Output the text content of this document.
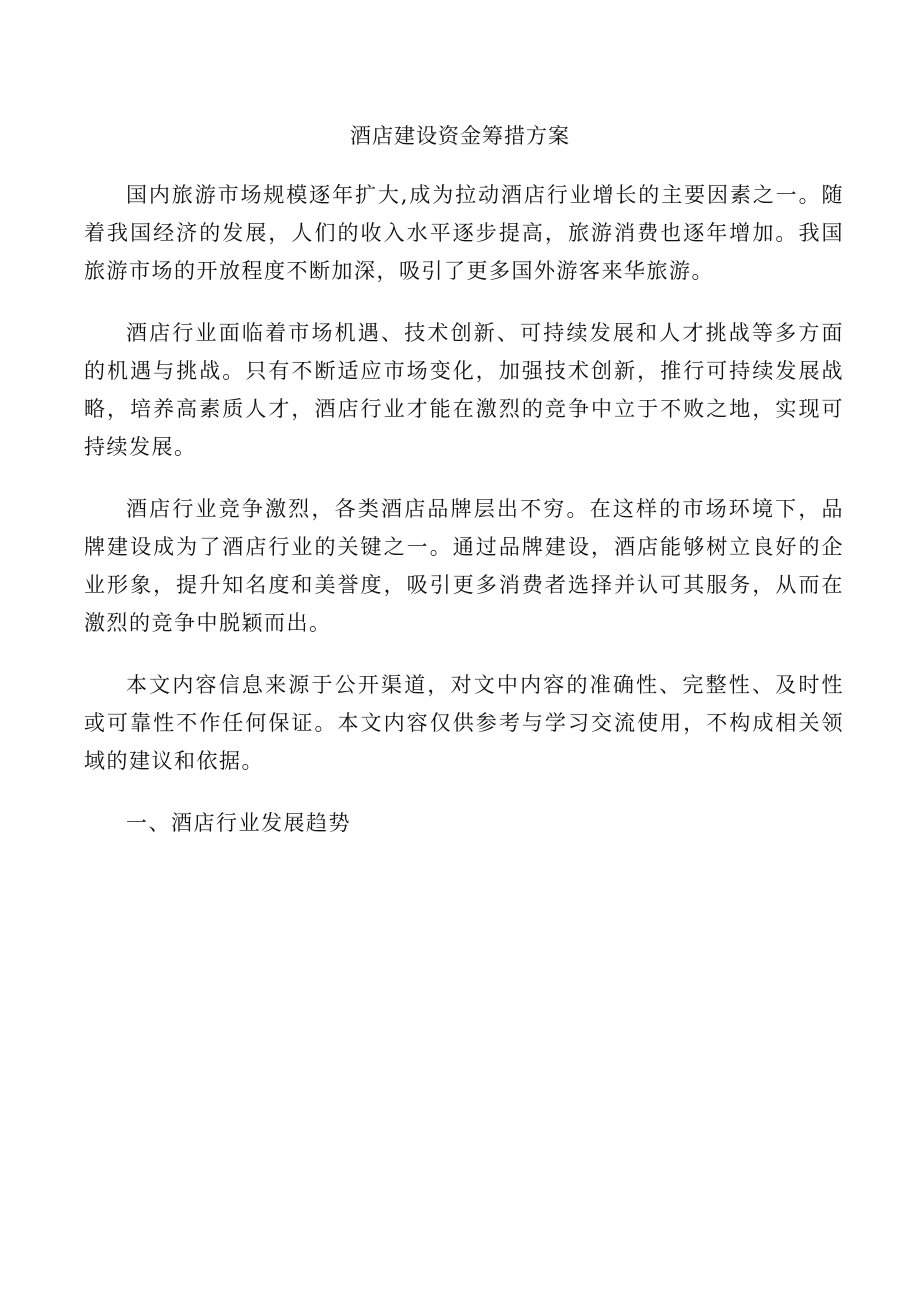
酒店建设资金筹措方案

国内旅游市场规模逐年扩大,成为拉动酒店行业增长的主要因素之一。随着我国经济的发展，人们的收入水平逐步提高，旅游消费也逐年增加。我国旅游市场的开放程度不断加深，吸引了更多国外游客来华旅游。

酒店行业面临着市场机遇、技术创新、可持续发展和人才挑战等多方面的机遇与挑战。只有不断适应市场变化，加强技术创新，推行可持续发展战略，培养高素质人才，酒店行业才能在激烈的竞争中立于不败之地，实现可持续发展。

酒店行业竞争激烈，各类酒店品牌层出不穷。在这样的市场环境下，品牌建设成为了酒店行业的关键之一。通过品牌建设，酒店能够树立良好的企业形象，提升知名度和美誉度，吸引更多消费者选择并认可其服务，从而在激烈的竞争中脱颖而出。

本文内容信息来源于公开渠道，对文中内容的准确性、完整性、及时性或可靠性不作任何保证。本文内容仅供参考与学习交流使用，不构成相关领域的建议和依据。

一、酒店行业发展趋势
